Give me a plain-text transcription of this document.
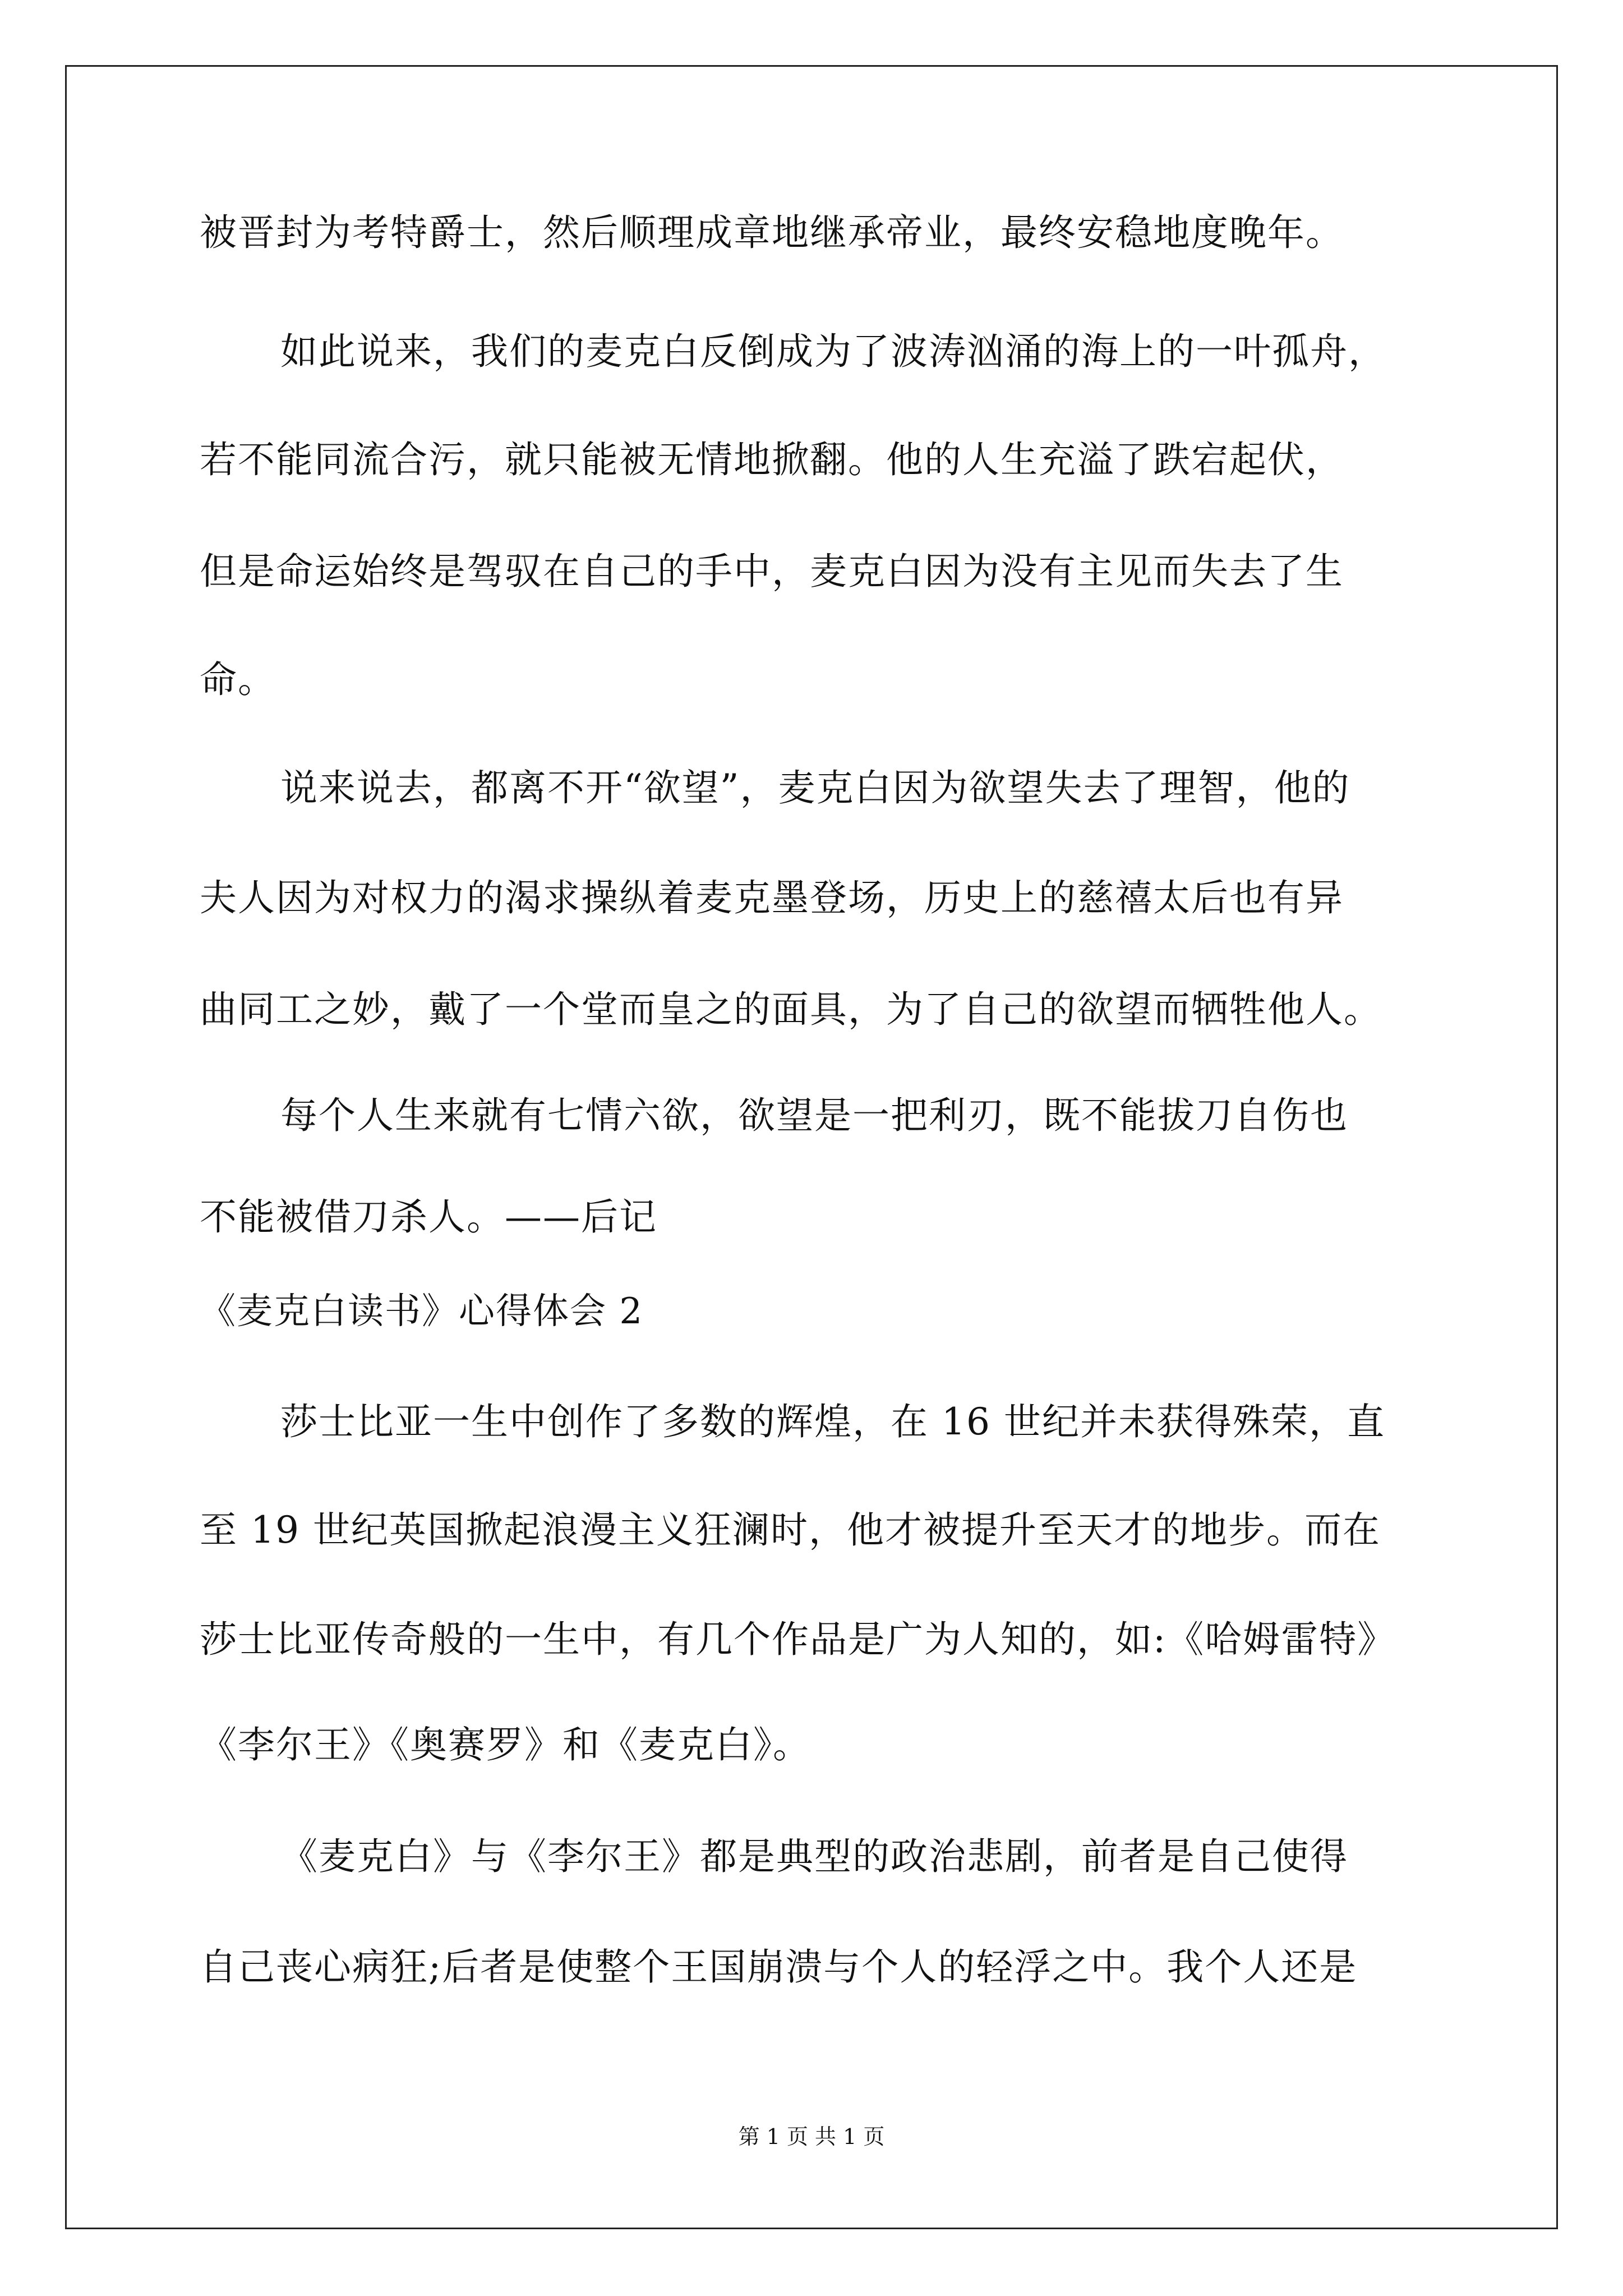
被晋封为考特爵士，然后顺理成章地继承帝业，最终安稳地度晚年。
如此说来，我们的麦克白反倒成为了波涛汹涌的海上的一叶孤舟，
若不能同流合污，就只能被无情地掀翻。他的人生充溢了跌宕起伏，
但是命运始终是驾驭在自己的手中，麦克白因为没有主见而失去了生
命。
说来说去，都离不开“欲望”，麦克白因为欲望失去了理智，他的
夫人因为对权力的渴求操纵着麦克墨登场，历史上的慈禧太后也有异
曲同工之妙，戴了一个堂而皇之的面具，为了自己的欲望而牺牲他人。
每个人生来就有七情六欲，欲望是一把利刃，既不能拔刀自伤也
不能被借刀杀人。——后记
《麦克白读书》心得体会 2
莎士比亚一生中创作了多数的辉煌，在 16 世纪并未获得殊荣，直
至 19 世纪英国掀起浪漫主义狂澜时，他才被提升至天才的地步。而在
莎士比亚传奇般的一生中，有几个作品是广为人知的，如:《哈姆雷特》
《李尔王》《奥赛罗》和《麦克白》。
《麦克白》与《李尔王》都是典型的政治悲剧，前者是自己使得
自己丧心病狂;后者是使整个王国崩溃与个人的轻浮之中。我个人还是
第 1 页 共 1 页
